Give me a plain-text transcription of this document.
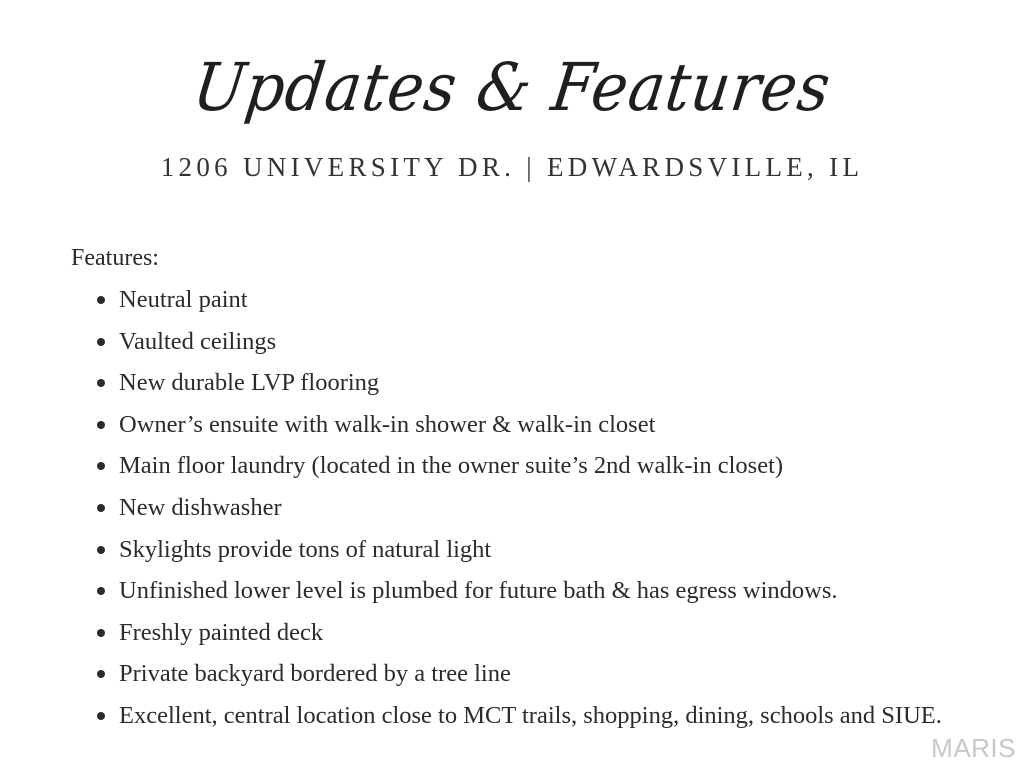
Updates & Features
1206 UNIVERSITY DR. | EDWARDSVILLE, IL
Features:
Neutral paint
Vaulted ceilings
New durable LVP flooring
Owner’s ensuite with walk-in shower & walk-in closet
Main floor laundry (located in the owner suite’s 2nd walk-in closet)
New dishwasher
Skylights provide tons of natural light
Unfinished lower level is plumbed for future bath & has egress windows.
Freshly painted deck
Private backyard bordered by a tree line
Excellent, central location close to MCT trails, shopping, dining, schools and SIUE.
MARIS
